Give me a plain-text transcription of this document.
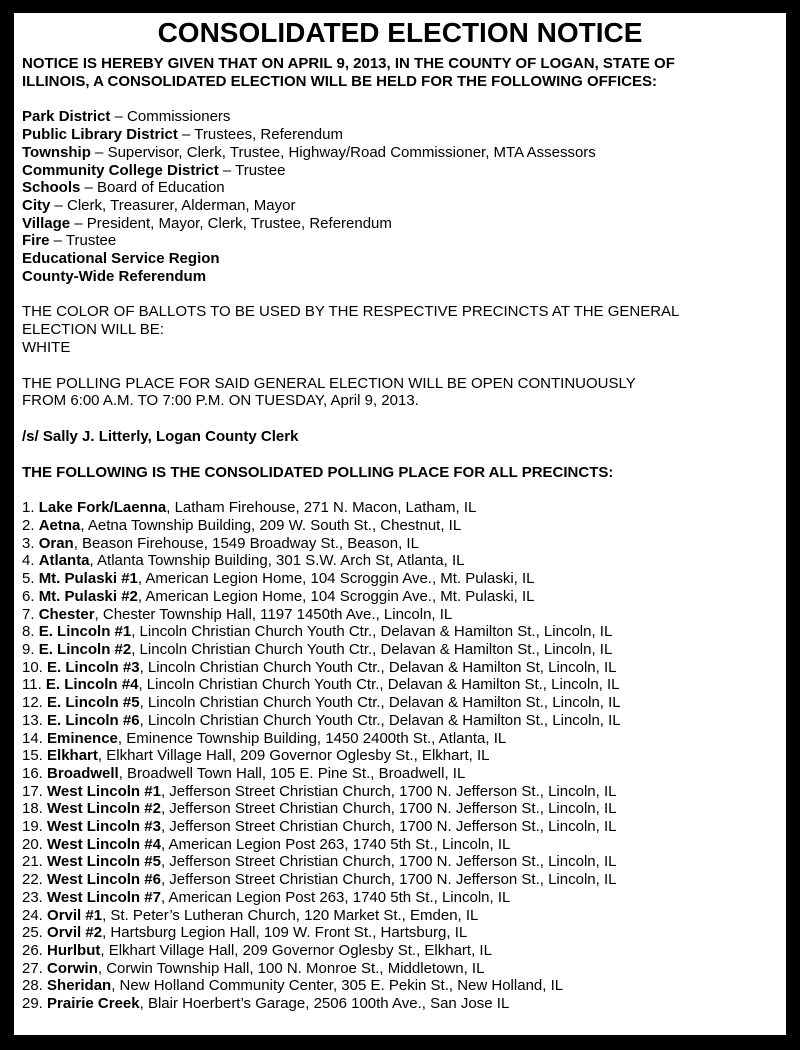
CONSOLIDATED ELECTION NOTICE
NOTICE IS HEREBY GIVEN THAT ON APRIL 9, 2013, IN THE COUNTY OF LOGAN, STATE OF
ILLINOIS, A CONSOLIDATED ELECTION WILL BE HELD FOR THE FOLLOWING OFFICES:
Park District – Commissioners
Public Library District – Trustees, Referendum
Township – Supervisor, Clerk, Trustee, Highway/Road Commissioner, MTA Assessors
Community College District – Trustee
Schools – Board of Education
City – Clerk, Treasurer, Alderman, Mayor
Village – President, Mayor, Clerk, Trustee, Referendum
Fire – Trustee
Educational Service Region
County-Wide Referendum
THE COLOR OF BALLOTS TO BE USED BY THE RESPECTIVE PRECINCTS AT THE GENERAL
ELECTION WILL BE:
WHITE
THE POLLING PLACE FOR SAID GENERAL ELECTION WILL BE OPEN CONTINUOUSLY
FROM 6:00 A.M. TO 7:00 P.M. ON TUESDAY, April 9, 2013.
/s/ Sally J. Litterly, Logan County Clerk
THE FOLLOWING IS THE CONSOLIDATED POLLING PLACE FOR ALL PRECINCTS:
1. Lake Fork/Laenna, Latham Firehouse, 271 N. Macon, Latham, IL
2. Aetna, Aetna Township Building, 209 W. South St., Chestnut, IL
3. Oran, Beason Firehouse, 1549 Broadway St., Beason, IL
4. Atlanta, Atlanta Township Building, 301 S.W. Arch St, Atlanta, IL
5. Mt. Pulaski #1, American Legion Home, 104 Scroggin Ave., Mt. Pulaski, IL
6. Mt. Pulaski #2, American Legion Home, 104 Scroggin Ave., Mt. Pulaski, IL
7. Chester, Chester Township Hall, 1197 1450th Ave., Lincoln, IL
8. E. Lincoln #1, Lincoln Christian Church Youth Ctr., Delavan & Hamilton St., Lincoln, IL
9. E. Lincoln #2, Lincoln Christian Church Youth Ctr., Delavan & Hamilton St., Lincoln, IL
10. E. Lincoln #3, Lincoln Christian Church Youth Ctr., Delavan & Hamilton St, Lincoln, IL
11. E. Lincoln #4, Lincoln Christian Church Youth Ctr., Delavan & Hamilton St., Lincoln, IL
12. E. Lincoln #5, Lincoln Christian Church Youth Ctr., Delavan & Hamilton St., Lincoln, IL
13. E. Lincoln #6, Lincoln Christian Church Youth Ctr., Delavan & Hamilton St., Lincoln, IL
14. Eminence, Eminence Township Building, 1450 2400th St., Atlanta, IL
15. Elkhart, Elkhart Village Hall, 209 Governor Oglesby St., Elkhart, IL
16. Broadwell, Broadwell Town Hall, 105 E. Pine St., Broadwell, IL
17. West Lincoln #1, Jefferson Street Christian Church, 1700 N. Jefferson St., Lincoln, IL
18. West Lincoln #2, Jefferson Street Christian Church, 1700 N. Jefferson St., Lincoln, IL
19. West Lincoln #3, Jefferson Street Christian Church, 1700 N. Jefferson St., Lincoln, IL
20. West Lincoln #4, American Legion Post 263, 1740 5th St., Lincoln, IL
21. West Lincoln #5, Jefferson Street Christian Church, 1700 N. Jefferson St., Lincoln, IL
22. West Lincoln #6, Jefferson Street Christian Church, 1700 N. Jefferson St., Lincoln, IL
23. West Lincoln #7, American Legion Post 263, 1740 5th St., Lincoln, IL
24. Orvil #1, St. Peter’s Lutheran Church, 120 Market St., Emden, IL
25. Orvil #2, Hartsburg Legion Hall, 109 W. Front St., Hartsburg, IL
26. Hurlbut, Elkhart Village Hall, 209 Governor Oglesby St., Elkhart, IL
27. Corwin, Corwin Township Hall, 100 N. Monroe St., Middletown, IL
28. Sheridan, New Holland Community Center, 305 E. Pekin St., New Holland, IL
29. Prairie Creek, Blair Hoerbert’s Garage, 2506 100th Ave., San Jose IL
